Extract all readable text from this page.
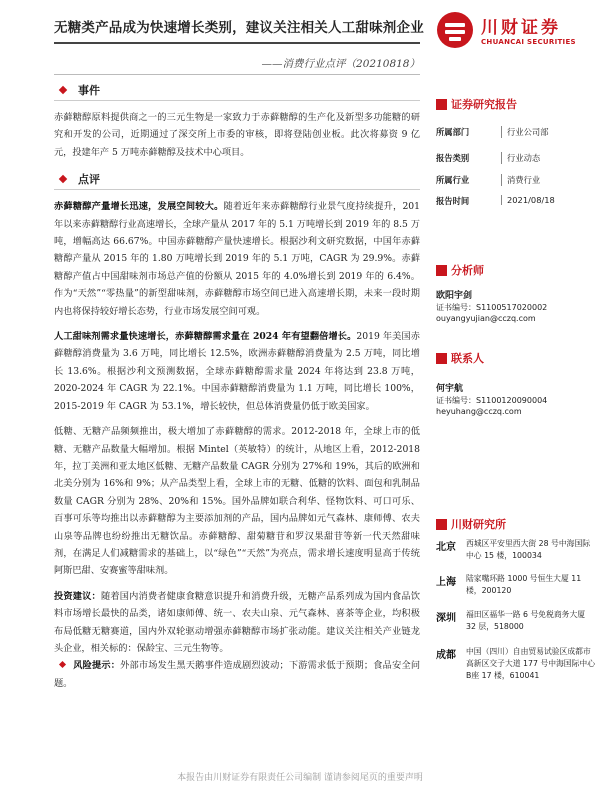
无糖类产品成为快速增长类别，建议关注相关人工甜味剂企业
——消费行业点评（20210818）
川财证券
CHUANCAI SECURITIES
事件

赤藓糖醇原料提供商之一的三元生物是一家致力于赤藓糖醇的生产化及新型多功能糖的研究和开发的公司，近期通过了深交所上市委的审核，即将登陆创业板。此次将募资 9 亿元，投建年产 5 万吨赤藓糖醇及技术中心项目。

点评

赤藓糖醇产量增长迅速，发展空间较大。随着近年来赤藓糖醇行业景气度持续提升，201 年以来赤藓糖醇行业高速增长，全球产量从 2017 年的 5.1 万吨增长到 2019 年的 8.5 万吨，增幅高达 66.67%。中国赤藓糖醇产量快速增长。根据沙利文研究数据，中国年赤藓糖醇产量从 2015 年的 1.80 万吨增长到 2019 年的 5.1 万吨，CAGR 为 29.9%。赤藓糖醇产值占中国甜味剂市场总产值的份额从 2015 年的 4.0%增长到 2019 年的 6.4%。作为“天然”“零热量”的新型甜味剂，赤藓糖醇市场空间已进入高速增长期，未来一段时期内也将保持较好增长态势，行业市场发展空间可观。

人工甜味剂需求量快速增长，赤藓糖醇需求量在 2024 年有望翻倍增长。2019 年美国赤藓糖醇消费量为 3.6 万吨，同比增长 12.5%，欧洲赤藓糖醇消费量为 2.5 万吨，同比增长 13.6%。根据沙利文预测数据，全球赤藓糖醇需求量 2024 年将达到 23.8 万吨，2020-2024 年 CAGR 为 22.1%。中国赤藓糖醇消费量为 1.1 万吨，同比增长 100%，2015-2019 年 CAGR 为 53.1%，增长较快，但总体消费量仍低于欧美国家。

低糖、无糖产品频频推出，极大增加了赤藓糖醇的需求。2012-2018 年，全球上市的低糖、无糖产品数量大幅增加。根据 Mintel（英敏特）的统计，从地区上看，2012-2018 年，拉丁美洲和亚太地区低糖、无糖产品数量 CAGR 分别为 27%和 19%，其后的欧洲和北美分别为 16%和 9%；从产品类型上看，全球上市的无糖、低糖的饮料、面包和乳制品数量 CAGR 分别为 28%、20%和 15%。国外品牌如联合利华、怪物饮料、可口可乐、百事可乐等均推出以赤藓糖醇为主要添加剂的产品，国内品牌如元气森林、康师傅、农夫山泉等品牌也纷纷推出无糖饮品。赤藓糖醇、甜菊糖苷和罗汉果甜苷等新一代天然甜味剂，在满足人们减糖需求的基础上，以“绿色”“天然”为亮点，需求增长速度明显高于传统阿斯巴甜、安赛蜜等甜味剂。

投资建议：随着国内消费者健康食糖意识提升和消费升级，无糖产品系列成为国内食品饮料市场增长最快的品类，诸如康师傅、统一、农夫山泉、元气森林、喜茶等企业，均积极布局低糖无糖赛道，国内外双轮驱动增强赤藓糖醇市场扩张动能。建议关注相关产业链龙头企业，相关标的：保龄宝、三元生物等。

风险提示：外部市场发生黑天鹅事件造成剧烈波动；下游需求低于预期；食品安全问题。

证券研究报告
所属部门	行业公司部
报告类别	行业动态
所属行业	消费行业
报告时间	2021/08/18
分析师
欧阳宇剑
证书编号：S1100517020002
ouyangyujian@cczq.com
联系人
何宇航
证书编号：S1100120090004
heyuhang@cczq.com
川财研究所
北京 西城区平安里西大街 28 号中海国际中心 15 楼，100034
上海 陆家嘴环路 1000 号恒生大厦 11 楼，200120
深圳 福田区福华一路 6 号免税商务大厦 32 层，518000
成都 中国（四川）自由贸易试验区成都市高新区交子大道 177 号中海国际中心 B座 17 楼，610041
本报告由川财证券有限责任公司编制 谨请参阅尾页的重要声明
